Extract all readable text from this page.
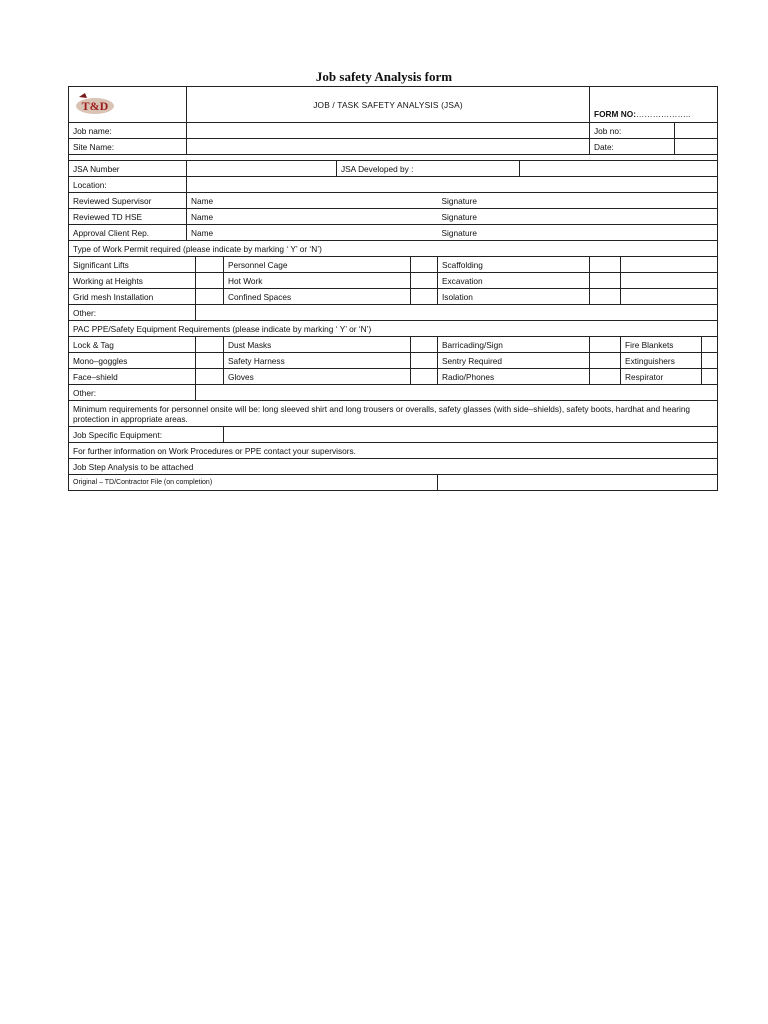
Job safety Analysis form
T&D	JOB / TASK SAFETY ANALYSIS (JSA)							FORM NO:………………..			
Job name:								Job no:			
Site Name:								Date:			

JSA Number				JSA Developed by :							
Location:											
Reviewed Supervisor	Name					Signature					
Reviewed TD HSE	Name					Signature					
Approval Client Rep.	Name					Signature					
Type of Work Permit required (please indicate by marking ‘ Y’ or ‘N’)											
Significant Lifts			Personnel Cage			Scaffolding					
Working at Heights			Hot Work			Excavation					
Grid mesh Installation			Confined Spaces			Isolation					
Other:											
PAC PPE/Safety Equipment Requirements (please indicate by marking ‘ Y’ or ‘N’)											
Lock & Tag			Dust Masks			Barricading/Sign			Fire Blankets		
Mono–goggles			Safety Harness			Sentry Required			Extinguishers		
Face–shield			Gloves			Radio/Phones			Respirator		
Other:											
Minimum requirements for personnel onsite will be: long sleeved shirt and long trousers or overalls, safety glasses (with side–shields), safety boots, hardhat and hearing protection in appropriate areas.											
Job Specific Equipment:											
For further information on Work Procedures or PPE contact your supervisors.											
Job Step Analysis to be attached											
Original – TD/Contractor File (on completion)											
